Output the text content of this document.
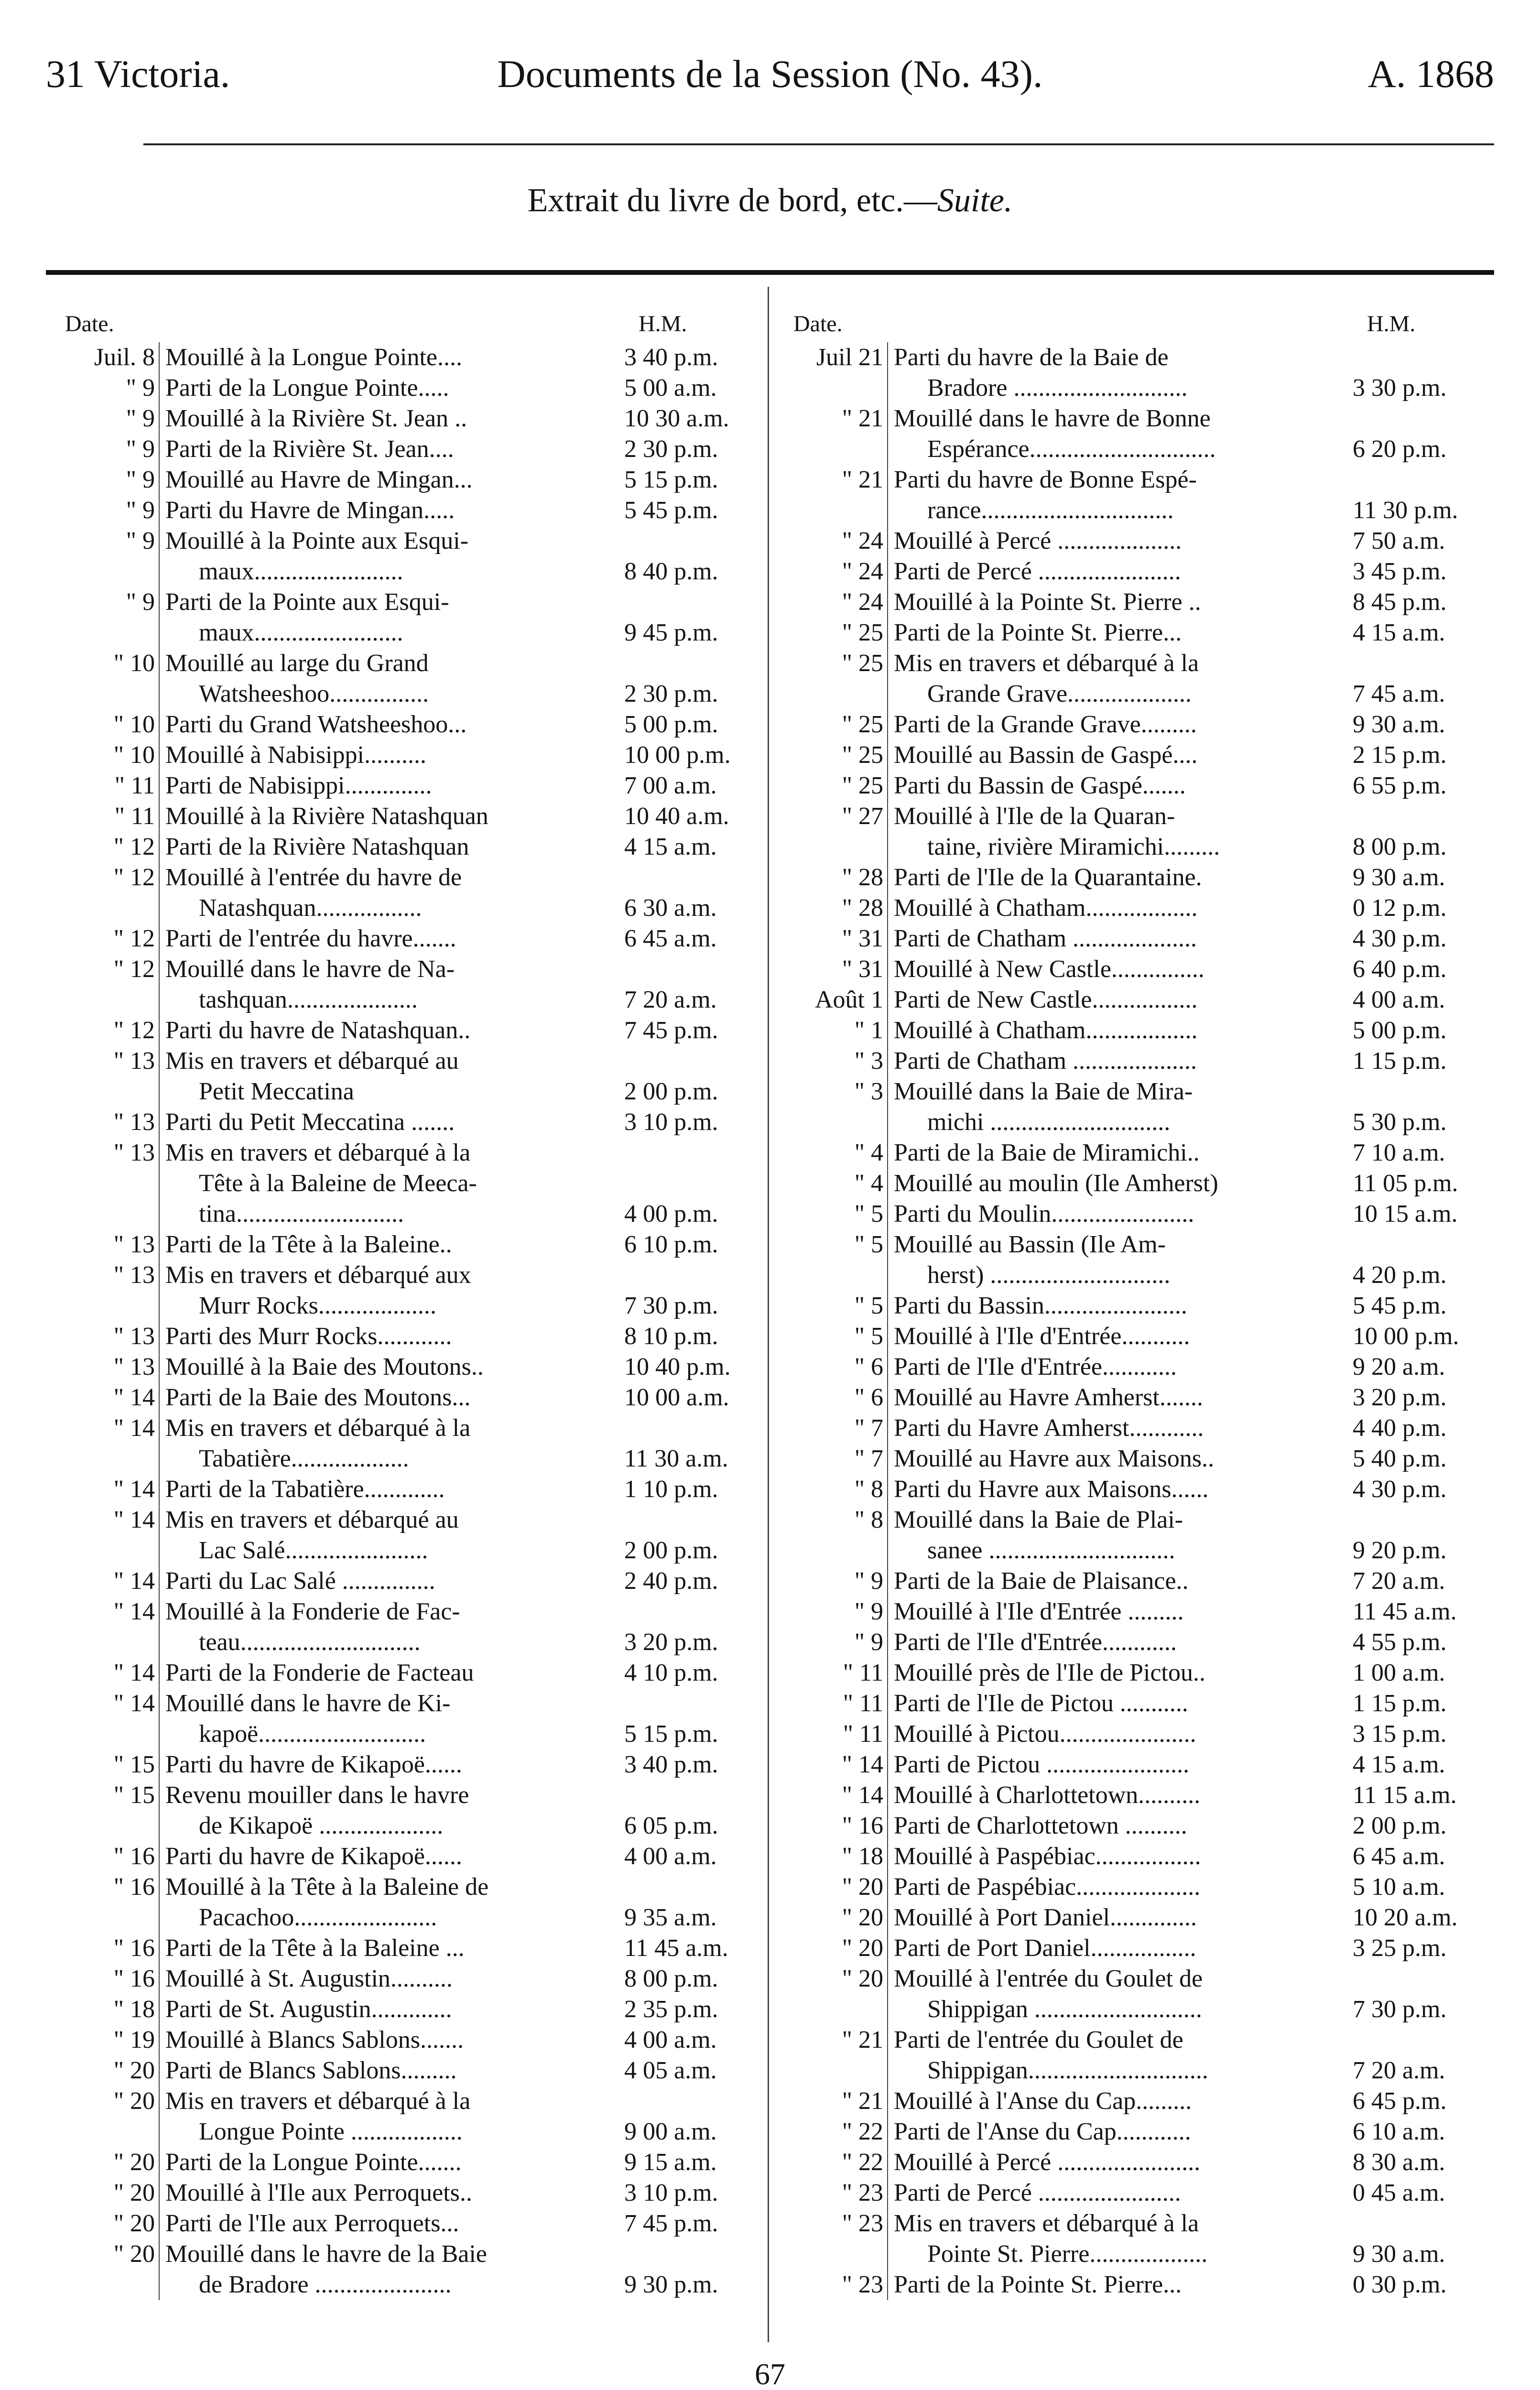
31 Victoria.	Documents de la Session (No. 43).	A. 1868
Extrait du livre de bord, etc.—Suite.
Date.	H.M.
Juil. 8 Mouillé à la Longue Pointe....	3 40 p.m.
" 9 Parti de la Longue Pointe.....	5 00 a.m.
" 9 Mouillé à la Rivière St. Jean ..	10 30 a.m.
" 9 Parti de la Rivière St. Jean....	2 30 p.m.
" 9 Mouillé au Havre de Mingan...	5 15 p.m.
" 9 Parti du Havre de Mingan.....	5 45 p.m.
" 9 Mouillé à la Pointe aux Esqui-
maux........................	8 40 p.m.
" 9 Parti de la Pointe aux Esqui-
maux........................	9 45 p.m.
" 10 Mouillé au large du Grand
Watsheeshoo................	2 30 p.m.
" 10 Parti du Grand Watsheeshoo...	5 00 p.m.
" 10 Mouillé à Nabisippi..........	10 00 p.m.
" 11 Parti de Nabisippi..............	7 00 a.m.
" 11 Mouillé à la Rivière Natashquan	10 40 a.m.
" 12 Parti de la Rivière Natashquan	4 15 a.m.
" 12 Mouillé à l'entrée du havre de
Natashquan.................	6 30 a.m.
" 12 Parti de l'entrée du havre.......	6 45 a.m.
" 12 Mouillé dans le havre de Na-
tashquan.....................	7 20 a.m.
" 12 Parti du havre de Natashquan..	7 45 p.m.
" 13 Mis en travers et débarqué au
Petit Meccatina	2 00 p.m.
" 13 Parti du Petit Meccatina .......	3 10 p.m.
" 13 Mis en travers et débarqué à la
Tête à la Baleine de Meeca-
tina...........................	4 00 p.m.
" 13 Parti de la Tête à la Baleine..	6 10 p.m.
" 13 Mis en travers et débarqué aux
Murr Rocks...................	7 30 p.m.
" 13 Parti des Murr Rocks............	8 10 p.m.
" 13 Mouillé à la Baie des Moutons..	10 40 p.m.
" 14 Parti de la Baie des Moutons...	10 00 a.m.
" 14 Mis en travers et débarqué à la
Tabatière...................	11 30 a.m.
" 14 Parti de la Tabatière.............	1 10 p.m.
" 14 Mis en travers et débarqué au
Lac Salé.......................	2 00 p.m.
" 14 Parti du Lac Salé ...............	2 40 p.m.
" 14 Mouillé à la Fonderie de Fac-
teau.............................	3 20 p.m.
" 14 Parti de la Fonderie de Facteau	4 10 p.m.
" 14 Mouillé dans le havre de Ki-
kapoë...........................	5 15 p.m.
" 15 Parti du havre de Kikapoë......	3 40 p.m.
" 15 Revenu mouiller dans le havre
de Kikapoë ....................	6 05 p.m.
" 16 Parti du havre de Kikapoë......	4 00 a.m.
" 16 Mouillé à la Tête à la Baleine de
Pacachoo.......................	9 35 a.m.
" 16 Parti de la Tête à la Baleine ...	11 45 a.m.
" 16 Mouillé à St. Augustin..........	8 00 p.m.
" 18 Parti de St. Augustin.............	2 35 p.m.
" 19 Mouillé à Blancs Sablons.......	4 00 a.m.
" 20 Parti de Blancs Sablons.........	4 05 a.m.
" 20 Mis en travers et débarqué à la
Longue Pointe ..................	9 00 a.m.
" 20 Parti de la Longue Pointe.......	9 15 a.m.
" 20 Mouillé à l'Ile aux Perroquets..	3 10 p.m.
" 20 Parti de l'Ile aux Perroquets...	7 45 p.m.
" 20 Mouillé dans le havre de la Baie
de Bradore ......................	9 30 p.m.
Date.	H.M.
Juil 21 Parti du havre de la Baie de
Bradore ............................	3 30 p.m.
" 21 Mouillé dans le havre de Bonne
Espérance..............................	6 20 p.m.
" 21 Parti du havre de Bonne Espé-
rance...............................	11 30 p.m.
" 24 Mouillé à Percé ....................	7 50 a.m.
" 24 Parti de Percé .......................	3 45 p.m.
" 24 Mouillé à la Pointe St. Pierre ..	8 45 p.m.
" 25 Parti de la Pointe St. Pierre...	4 15 a.m.
" 25 Mis en travers et débarqué à la
Grande Grave....................	7 45 a.m.
" 25 Parti de la Grande Grave.........	9 30 a.m.
" 25 Mouillé au Bassin de Gaspé....	2 15 p.m.
" 25 Parti du Bassin de Gaspé.......	6 55 p.m.
" 27 Mouillé à l'Ile de la Quaran-
taine, rivière Miramichi.........	8 00 p.m.
" 28 Parti de l'Ile de la Quarantaine.	9 30 a.m.
" 28 Mouillé à Chatham..................	0 12 p.m.
" 31 Parti de Chatham ....................	4 30 p.m.
" 31 Mouillé à New Castle...............	6 40 p.m.
Août 1 Parti de New Castle.................	4 00 a.m.
" 1 Mouillé à Chatham..................	5 00 p.m.
" 3 Parti de Chatham ....................	1 15 p.m.
" 3 Mouillé dans la Baie de Mira-
michi .............................	5 30 p.m.
" 4 Parti de la Baie de Miramichi..	7 10 a.m.
" 4 Mouillé au moulin (Ile Amherst)	11 05 p.m.
" 5 Parti du Moulin.......................	10 15 a.m.
" 5 Mouillé au Bassin (Ile Am-
herst) .............................	4 20 p.m.
" 5 Parti du Bassin.......................	5 45 p.m.
" 5 Mouillé à l'Ile d'Entrée...........	10 00 p.m.
" 6 Parti de l'Ile d'Entrée............	9 20 a.m.
" 6 Mouillé au Havre Amherst.......	3 20 p.m.
" 7 Parti du Havre Amherst............	4 40 p.m.
" 7 Mouillé au Havre aux Maisons..	5 40 p.m.
" 8 Parti du Havre aux Maisons......	4 30 p.m.
" 8 Mouillé dans la Baie de Plai-
sanee ..............................	9 20 p.m.
" 9 Parti de la Baie de Plaisance..	7 20 a.m.
" 9 Mouillé à l'Ile d'Entrée .........	11 45 a.m.
" 9 Parti de l'Ile d'Entrée............	4 55 p.m.
" 11 Mouillé près de l'Ile de Pictou..	1 00 a.m.
" 11 Parti de l'Ile de Pictou ...........	1 15 p.m.
" 11 Mouillé à Pictou......................	3 15 p.m.
" 14 Parti de Pictou .......................	4 15 a.m.
" 14 Mouillé à Charlottetown..........	11 15 a.m.
" 16 Parti de Charlottetown ..........	2 00 p.m.
" 18 Mouillé à Paspébiac.................	6 45 a.m.
" 20 Parti de Paspébiac....................	5 10 a.m.
" 20 Mouillé à Port Daniel..............	10 20 a.m.
" 20 Parti de Port Daniel.................	3 25 p.m.
" 20 Mouillé à l'entrée du Goulet de
Shippigan ...........................	7 30 p.m.
" 21 Parti de l'entrée du Goulet de
Shippigan.............................	7 20 a.m.
" 21 Mouillé à l'Anse du Cap.........	6 45 p.m.
" 22 Parti de l'Anse du Cap............	6 10 a.m.
" 22 Mouillé à Percé .......................	8 30 a.m.
" 23 Parti de Percé .......................	0 45 a.m.
" 23 Mis en travers et débarqué à la
Pointe St. Pierre...................	9 30 a.m.
" 23 Parti de la Pointe St. Pierre...	0 30 p.m.
67
